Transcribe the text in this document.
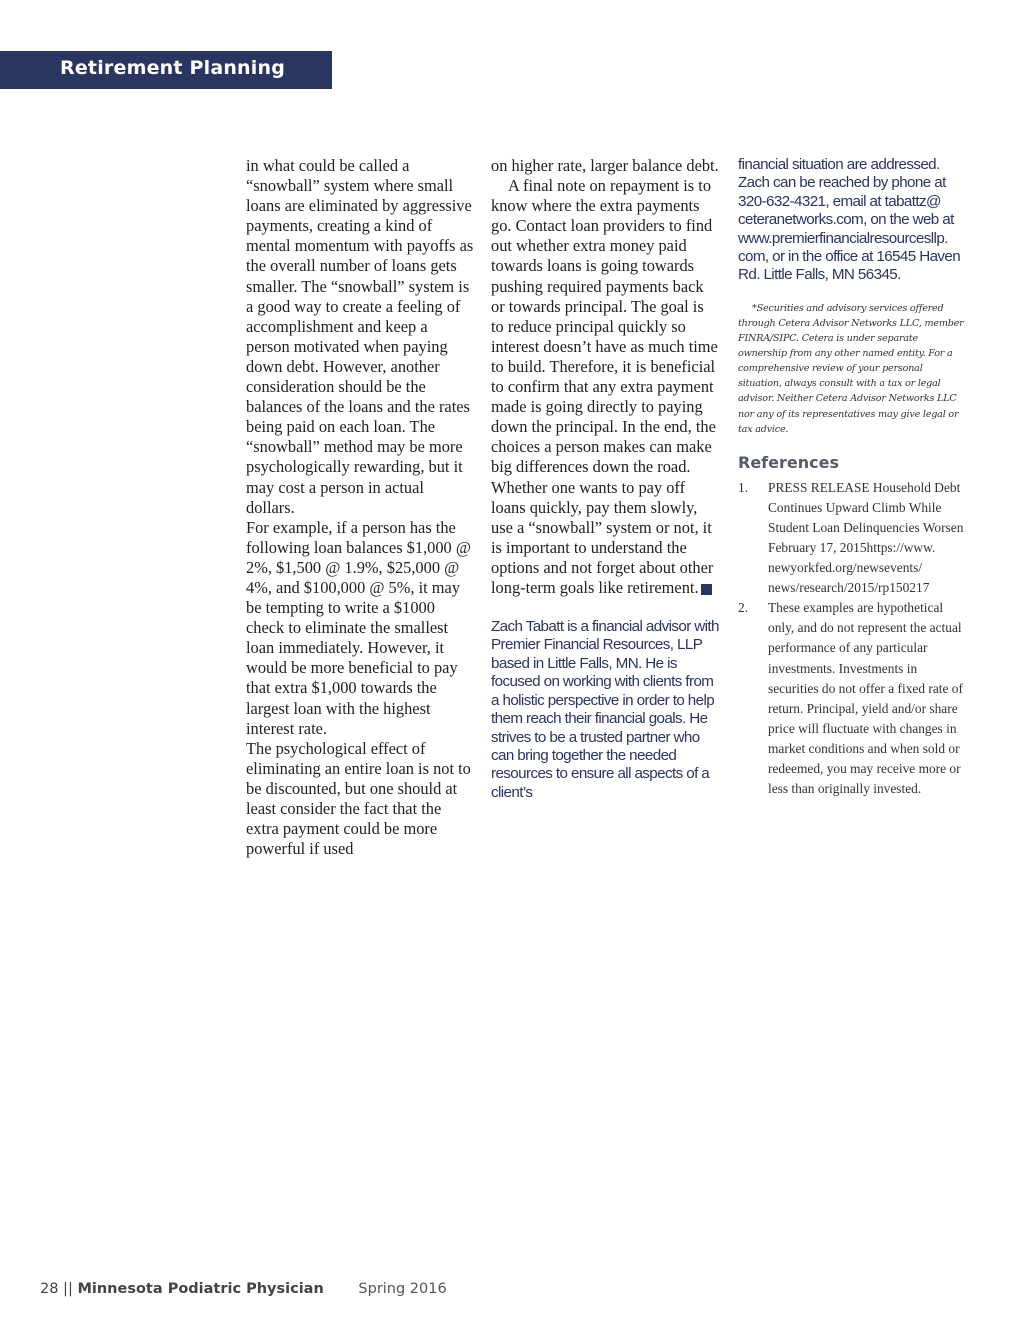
Retirement Planning

in what could be called a “snowball” system where small loans are eliminated by aggressive payments, creating a kind of mental momentum with payoffs as the overall number of loans gets smaller. The “snowball” system is a good way to create a feeling of accomplishment and keep a person motivated when paying down debt. However, another consideration should be the balances of the loans and the rates being paid on each loan. The “snowball” method may be more psychologically rewarding, but it may cost a person in actual dollars.

For example, if a person has the following loan balances $1,000 @ 2%, $1,500 @ 1.9%, $25,000 @ 4%, and $100,000 @ 5%, it may be tempting to write a $1000 check to eliminate the smallest loan immediately. However, it would be more beneficial to pay that extra $1,000 towards the largest loan with the highest interest rate.

The psychological effect of eliminating an entire loan is not to be discounted, but one should at least consider the fact that the extra payment could be more powerful if used

on higher rate, larger balance debt.

A final note on repayment is to know where the extra payments go. Contact loan providers to find out whether extra money paid towards loans is going towards pushing required payments back or towards principal. The goal is to reduce principal quickly so interest doesn’t have as much time to build. Therefore, it is beneficial to confirm that any extra payment made is going directly to paying down the principal. In the end, the choices a person makes can make big differences down the road. Whether one wants to pay off loans quickly, pay them slowly, use a “snowball” system or not, it is important to understand the options and not forget about other long-term goals like retirement. ›

Zach Tabatt is a financial advisor with Premier Financial Resources, LLP based in Little Falls, MN. He is focused on working with clients from a holistic perspective in order to help them reach their financial goals. He strives to be a trusted partner who can bring together the needed resources to ensure all aspects of a client’s

financial situation are addressed. Zach can be reached by phone at 320-632-4321, email at tabattz@ ceteranetworks.com, on the web at www.premierfinancialresourcesllp. com, or in the office at 16545 Haven Rd. Little Falls, MN 56345.

*Securities and advisory services offered through Cetera Advisor Networks LLC, member FINRA/SIPC. Cetera is under separate ownership from any other named entity. For a comprehensive review of your personal situation, always consult with a tax or legal advisor. Neither Cetera Advisor Networks LLC nor any of its representatives may give legal or tax advice.

References

1. PRESS RELEASE Household Debt Continues Upward Climb While Student Loan Delinquencies Worsen February 17, 2015https://www. newyorkfed.org/newsevents/ news/research/2015/rp150217
2. These examples are hypothetical only, and do not represent the actual performance of any particular investments. Investments in securities do not offer a fixed rate of return. Principal, yield and/or share price will fluctuate with changes in market conditions and when sold or redeemed, you may receive more or less than originally invested.
28 || Minnesota Podiatric Physician Spring 2016
